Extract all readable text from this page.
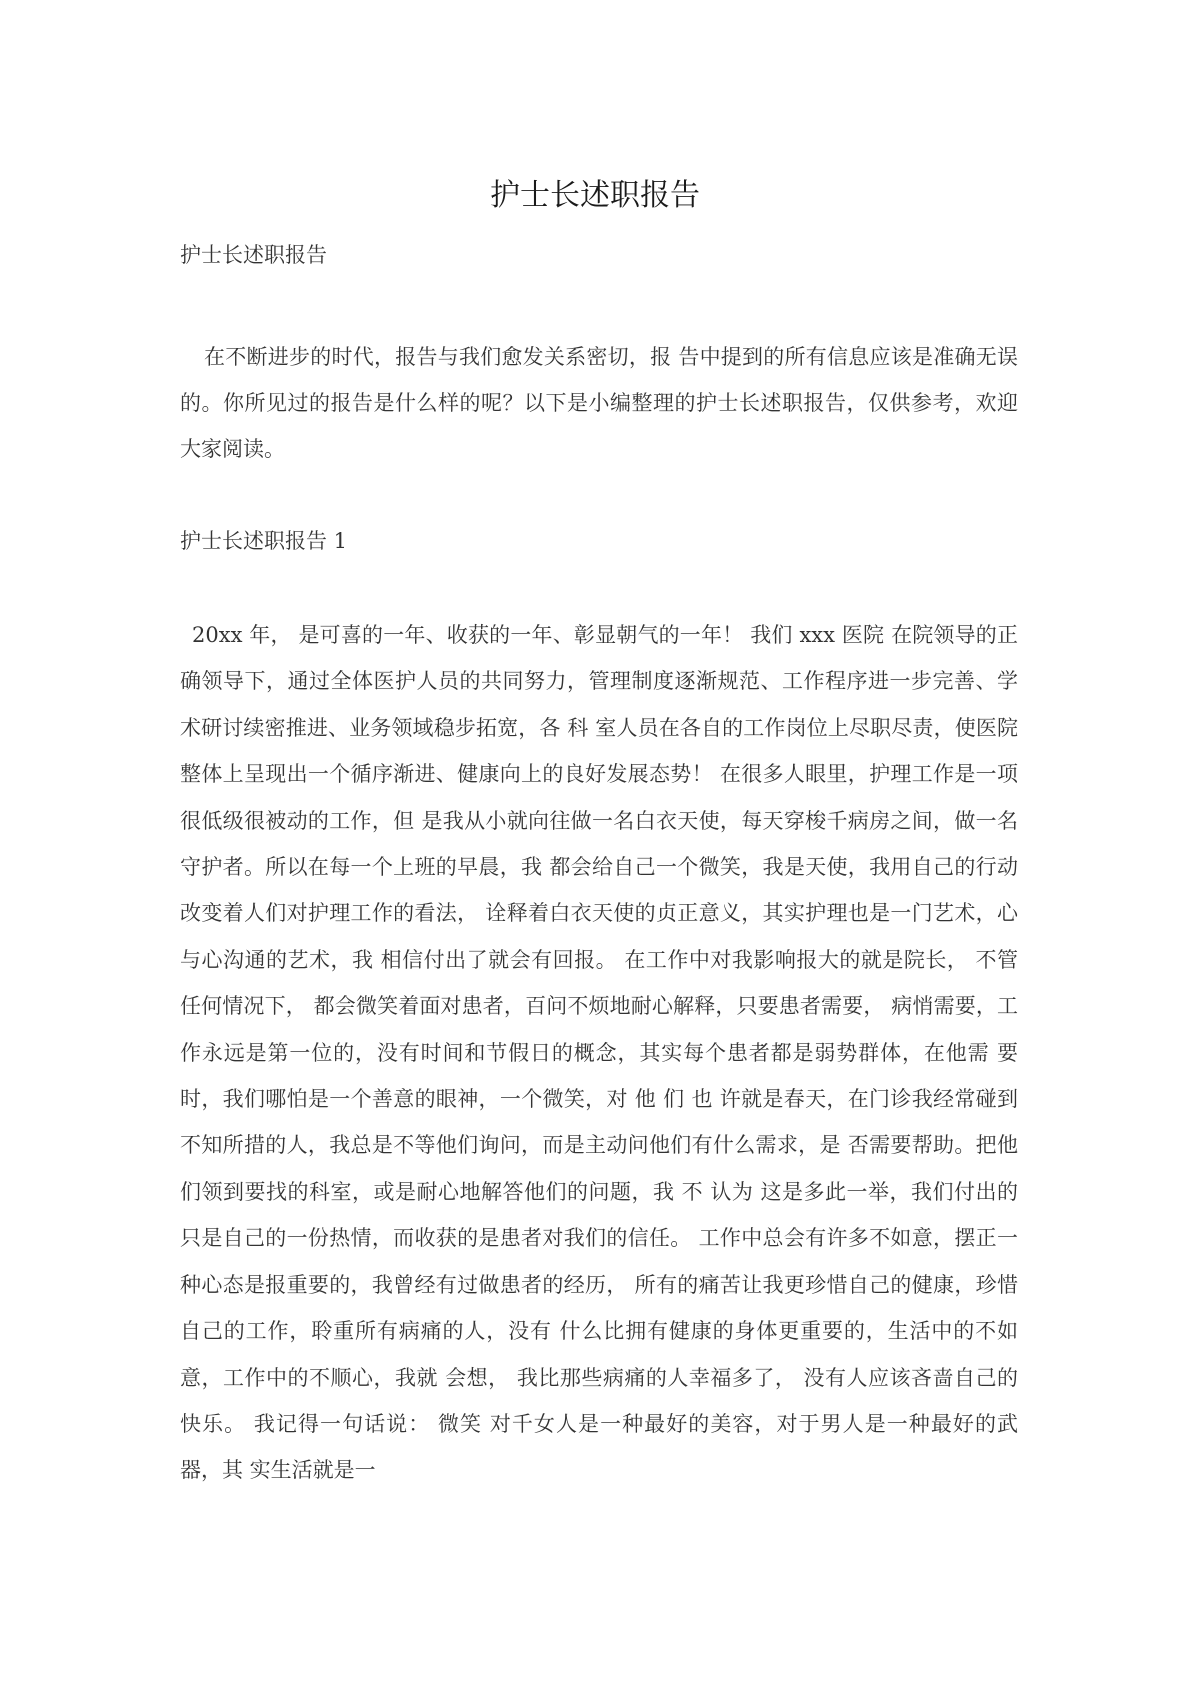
护士长述职报告
护士长述职报告

在不断进步的时代，报告与我们愈发关系密切，报 告中提到的所有信息应该是准确无误的。你所见过的报告是什么样的呢？以下是小编整理的护士长述职报告，仅供参考，欢迎大家阅读。

护士长述职报告 1

20xx 年， 是可喜的一年、收获的一年、彰显朝气的一年！ 我们 xxx 医院 在院领导的正确领导下，通过全体医护人员的共同努力，管理制度逐渐规范、工作程序进一步完善、学术研讨续密推进、业务领域稳步拓宽，各 科 室人员在各自的工作岗位上尽职尽责，使医院整体上呈现出一个循序渐进、健康向上的良好发展态势！ 在很多人眼里，护理工作是一项很低级很被动的工作，但 是我从小就向往做一名白衣天使，每天穿梭千病房之间，做一名守护者。所以在每一个上班的早晨，我 都会给自己一个微笑，我是天使，我用自己的行动改变着人们对护理工作的看法， 诠释着白衣天使的贞正意义，其实护理也是一门艺术，心与心沟通的艺术，我 相信付出了就会有回报。 在工作中对我影响报大的就是院长， 不管任何情况下， 都会微笑着面对患者，百问不烦地耐心解释，只要患者需要， 病悄需要，工作永远是第一位的，没有时间和节假日的概念，其实每个患者都是弱势群体，在他需 要时，我们哪怕是一个善意的眼神，一个微笑，对 他 们 也 许就是春天，在门诊我经常碰到不知所措的人，我总是不等他们询问，而是主动问他们有什么需求，是 否需要帮助。把他们领到要找的科室，或是耐心地解答他们的问题，我 不 认为 这是多此一举，我们付出的只是自己的一份热情，而收获的是患者对我们的信任。 工作中总会有许多不如意，摆正一种心态是报重要的，我曾经有过做患者的经历， 所有的痛苦让我更珍惜自己的健康，珍惜自己的工作，聆重所有病痛的人，没有 什么比拥有健康的身体更重要的，生活中的不如意，工作中的不顺心，我就 会想， 我比那些病痛的人幸福多了， 没有人应该吝啬自己的快乐。 我记得一句话说： 微笑 对千女人是一种最好的美容，对于男人是一种最好的武器，其 实生活就是一
